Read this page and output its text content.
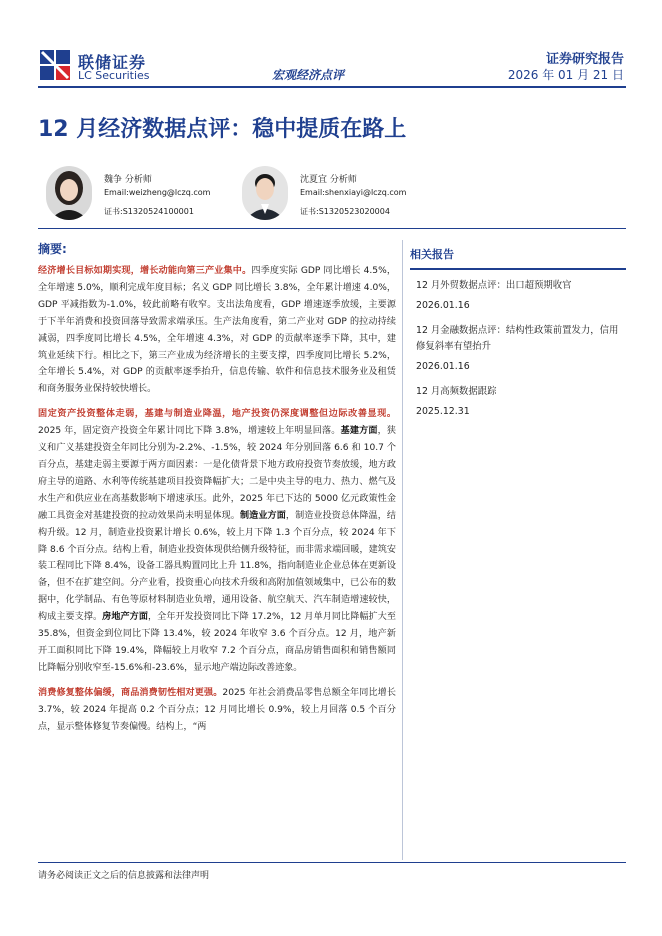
联储证券
LC Securities	宏观经济点评
证券研究报告
2026 年 01 月 21 日
12 月经济数据点评：稳中提质在路上
魏争 分析师
Email:weizheng@lczq.com
证书:S1320524100001
沈夏宜 分析师
Email:shenxiayi@lczq.com
证书:S1320523020004
摘要:

经济增长目标如期实现，增长动能向第三产业集中。四季度实际 GDP 同比增长 4.5%，全年增速 5.0%，顺利完成年度目标；名义 GDP 同比增长 3.8%，全年累计增速 4.0%，GDP 平减指数为-1.0%，较此前略有收窄。支出法角度看，GDP 增速逐季放缓，主要源于下半年消费和投资回落导致需求端承压。生产法角度看，第二产业对 GDP 的拉动持续减弱，四季度同比增长 4.5%，全年增速 4.3%，对 GDP 的贡献率逐季下降，其中，建筑业延续下行。相比之下，第三产业成为经济增长的主要支撑，四季度同比增长 5.2%，全年增长 5.4%，对 GDP 的贡献率逐季抬升，信息传输、软件和信息技术服务业及租赁和商务服务业保持较快增长。

固定资产投资整体走弱，基建与制造业降温，地产投资仍深度调整但边际改善显现。2025 年，固定资产投资全年累计同比下降 3.8%，增速较上年明显回落。基建方面，狭义和广义基建投资全年同比分别为-2.2%、-1.5%，较 2024 年分别回落 6.6 和 10.7 个百分点，基建走弱主要源于两方面因素：一是化债背景下地方政府投资节奏放缓，地方政府主导的道路、水利等传统基建项目投资降幅扩大；二是中央主导的电力、热力、燃气及水生产和供应业在高基数影响下增速承压。此外，2025 年已下达的 5000 亿元政策性金融工具资金对基建投资的拉动效果尚未明显体现。制造业方面，制造业投资总体降温，结构升级。12 月，制造业投资累计增长 0.6%，较上月下降 1.3 个百分点，较 2024 年下降 8.6 个百分点。结构上看，制造业投资体现供给侧升级特征，而非需求端回暖，建筑安装工程同比下降 8.4%，设备工器具购置同比上升 11.8%，指向制造业企业总体在更新设备，但不在扩建空间。分产业看，投资重心向技术升级和高附加值领域集中，已公布的数据中，化学制品、有色等原材料制造业负增，通用设备、航空航天、汽车制造增速较快，构成主要支撑。房地产方面，全年开发投资同比下降 17.2%，12 月单月同比降幅扩大至 35.8%，但资金到位同比下降 13.4%，较 2024 年收窄 3.6 个百分点。12 月，地产新开工面积同比下降 19.4%，降幅较上月收窄 7.2 个百分点，商品房销售面积和销售额同比降幅分别收窄至-15.6%和-23.6%，显示地产端边际改善迹象。

消费修复整体偏缓，商品消费韧性相对更强。2025 年社会消费品零售总额全年同比增长 3.7%，较 2024 年提高 0.2 个百分点；12 月同比增长 0.9%，较上月回落 0.5 个百分点，显示整体修复节奏偏慢。结构上，“两

相关报告
12 月外贸数据点评：出口超预期收官
2026.01.16
12 月金融数据点评：结构性政策前置发力，信用修复斜率有望抬升
2026.01.16
12 月高频数据跟踪
2025.12.31
请务必阅读正文之后的信息披露和法律声明
